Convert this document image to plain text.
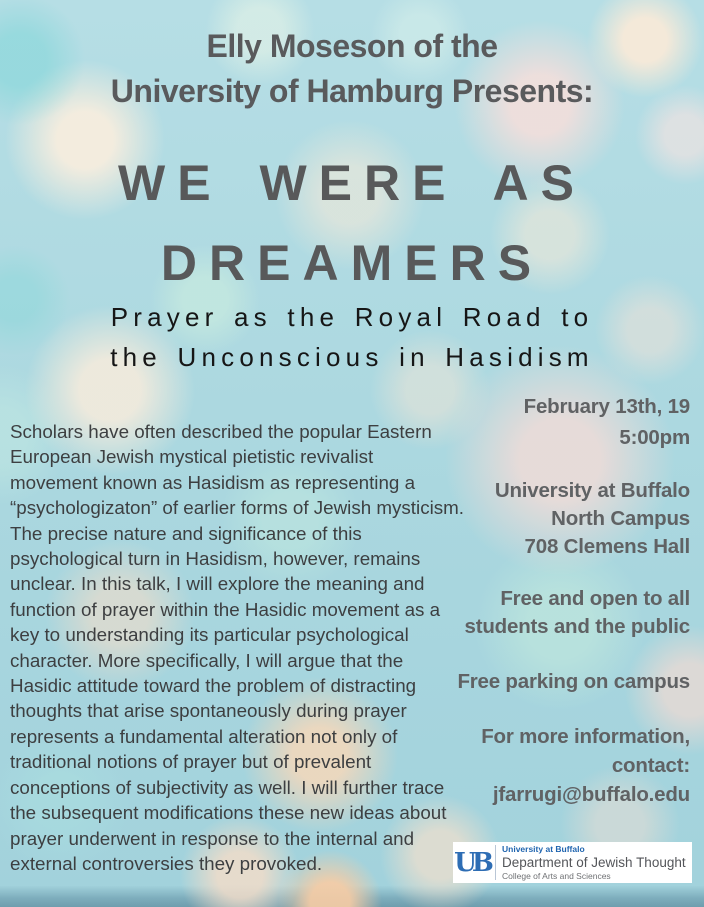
Elly Moseson of the
University of Hamburg Presents:
WE WERE AS
DREAMERS
Prayer as the Royal Road to
the Unconscious in Hasidism
Scholars have often described the popular Eastern European Jewish mystical pietistic revivalist movement known as Hasidism as representing a “psychologizaton” of earlier forms of Jewish mysticism. The precise nature and significance of this psychological turn in Hasidism, however, remains unclear. In this talk, I will explore the meaning and function of prayer within the Hasidic movement as a key to understanding its particular psychological character. More specifically, I will argue that the Hasidic attitude toward the problem of distracting thoughts that arise spontaneously during prayer represents a fundamental alteration not only of traditional notions of prayer but of prevalent conceptions of subjectivity as well. I will further trace the subsequent modifications these new ideas about prayer underwent in response to the internal and external controversies they provoked.
February 13th, 19
5:00pm
University at Buffalo
North Campus
708 Clemens Hall
Free and open to all
students and the public
Free parking on campus
For more information,
contact:
jfarrugi@buffalo.edu
UB	University at Buffalo
Department of Jewish Thought
College of Arts and Sciences
